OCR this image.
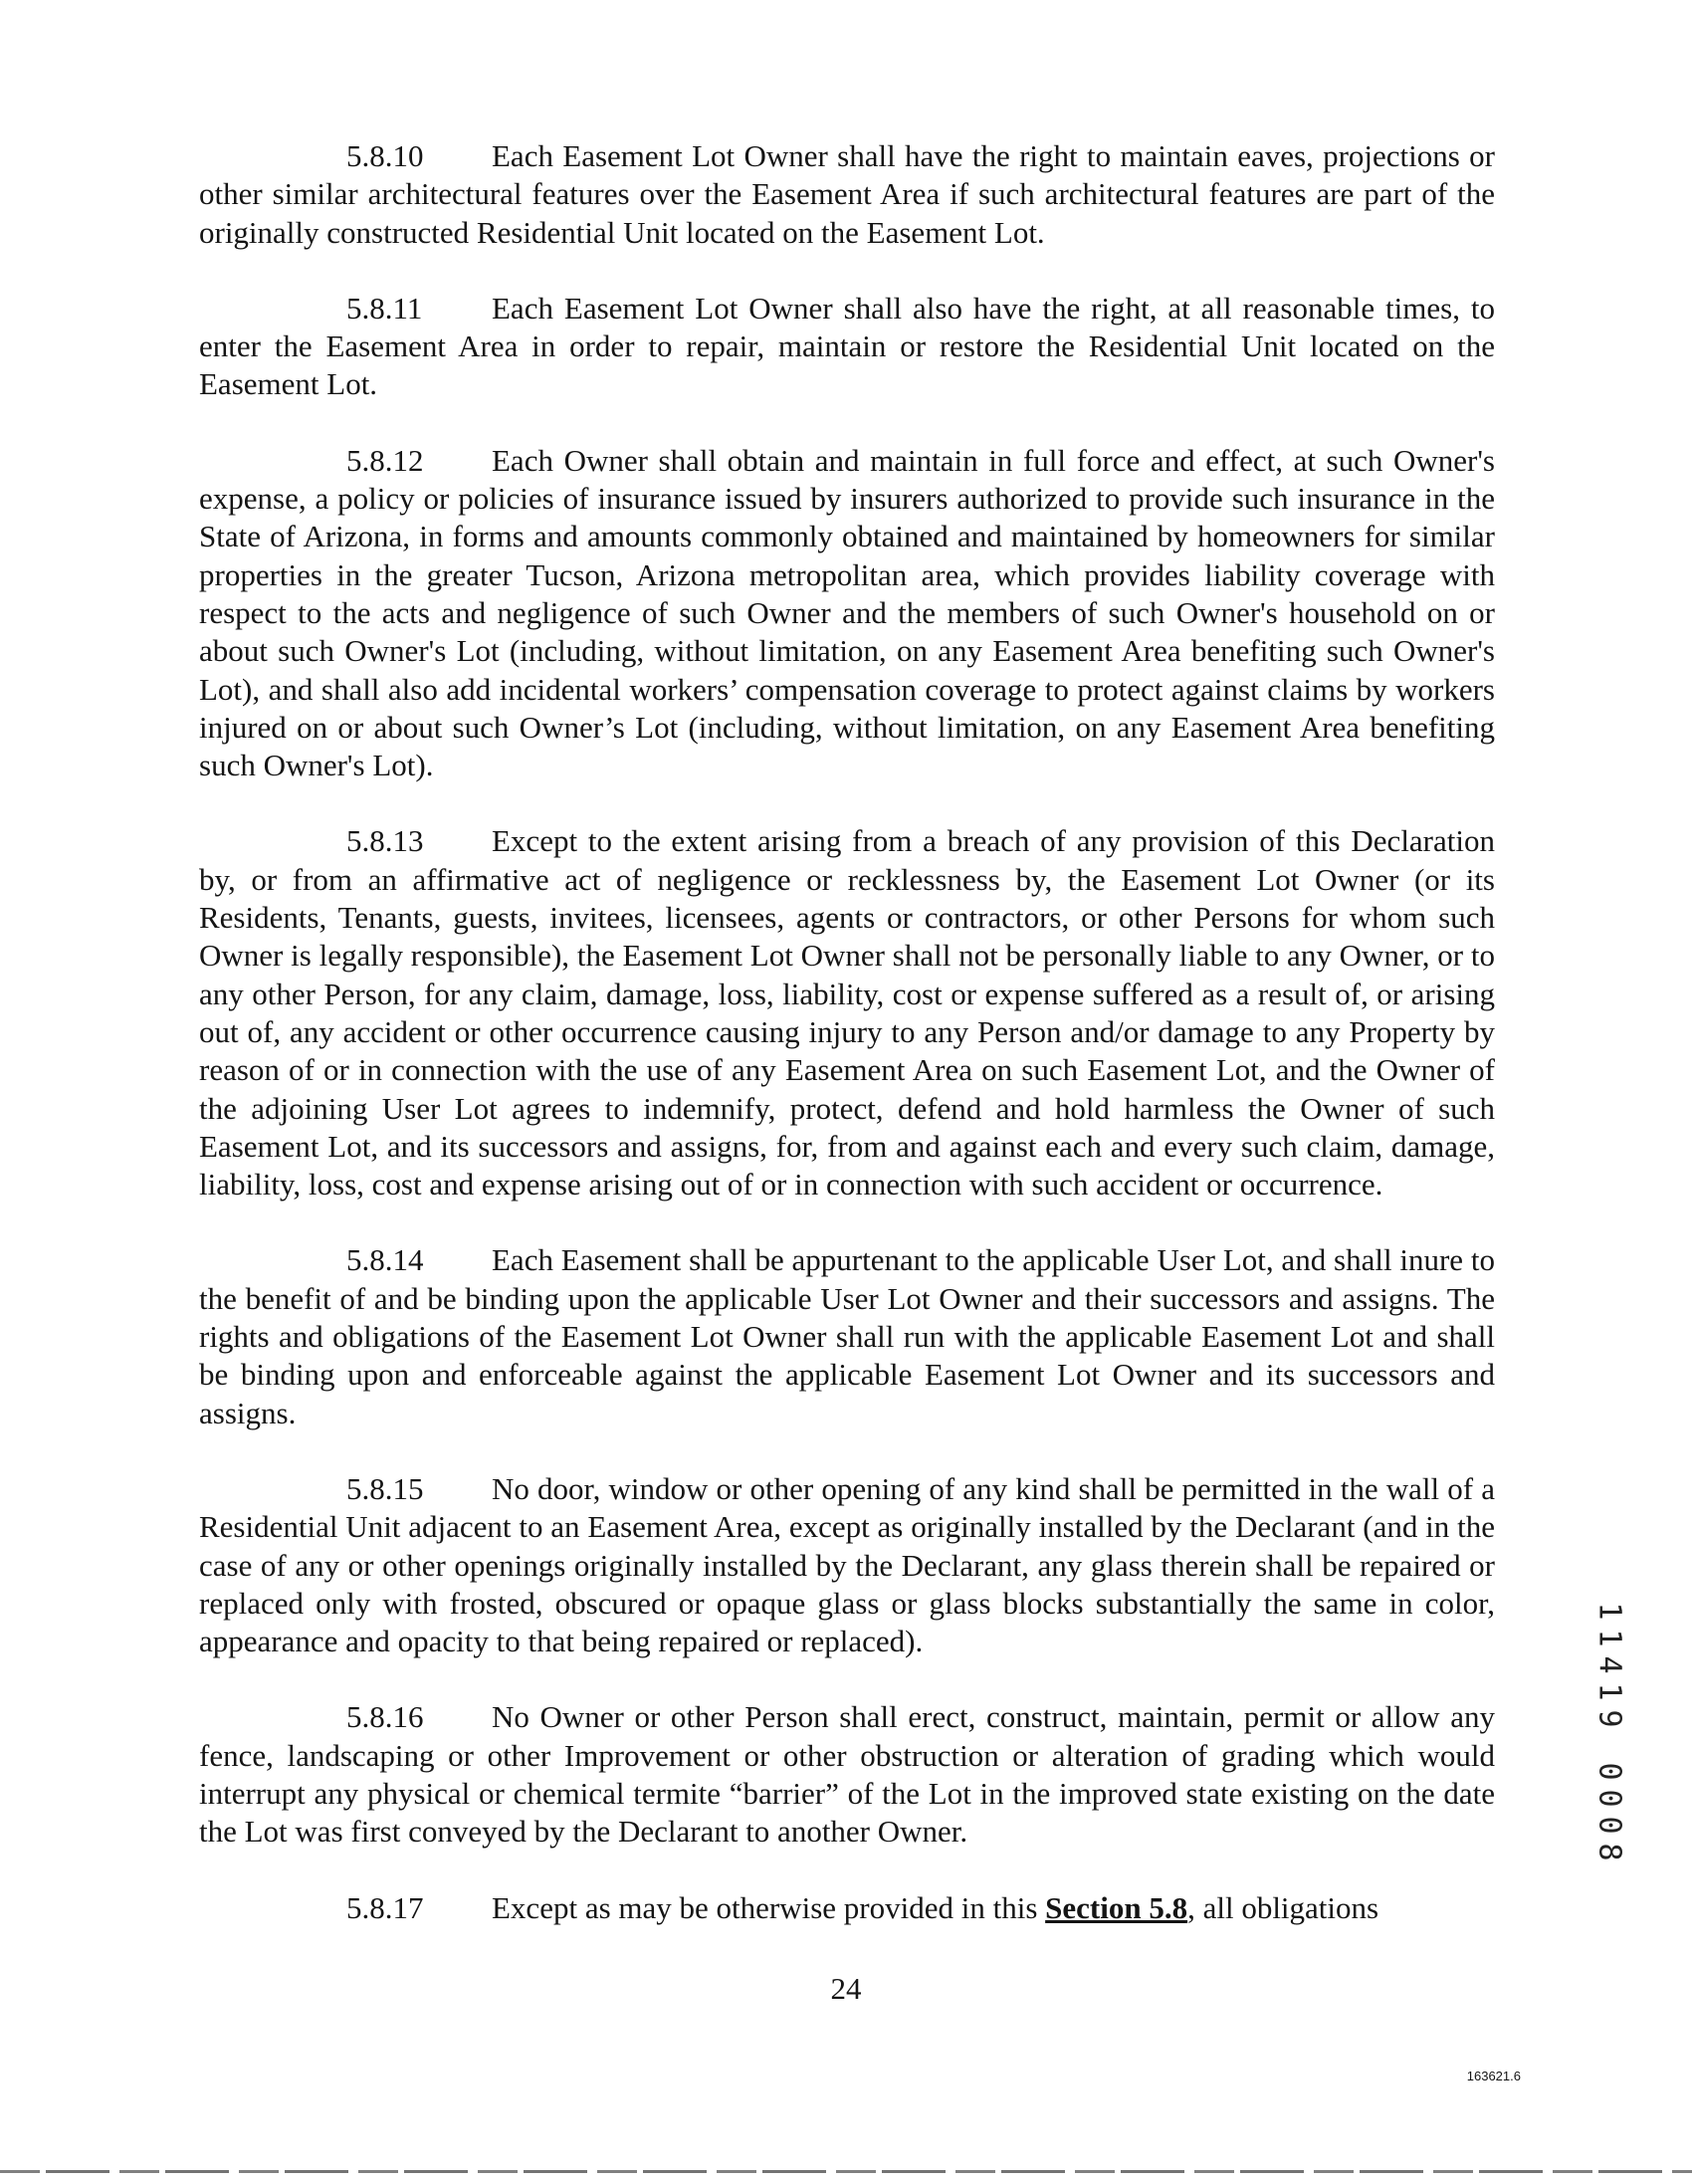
5.8.10 Each Easement Lot Owner shall have the right to maintain eaves, projections or other similar architectural features over the Easement Area if such architectural features are part of the originally constructed Residential Unit located on the Easement Lot.

5.8.11 Each Easement Lot Owner shall also have the right, at all reasonable times, to enter the Easement Area in order to repair, maintain or restore the Residential Unit located on the Easement Lot.

5.8.12 Each Owner shall obtain and maintain in full force and effect, at such Owner's expense, a policy or policies of insurance issued by insurers authorized to provide such insurance in the State of Arizona, in forms and amounts commonly obtained and maintained by homeowners for similar properties in the greater Tucson, Arizona metropolitan area, which provides liability coverage with respect to the acts and negligence of such Owner and the members of such Owner's household on or about such Owner's Lot (including, without limitation, on any Easement Area benefiting such Owner's Lot), and shall also add incidental workers’ compensation coverage to protect against claims by workers injured on or about such Owner’s Lot (including, without limitation, on any Easement Area benefiting such Owner's Lot).

5.8.13 Except to the extent arising from a breach of any provision of this Declaration by, or from an affirmative act of negligence or recklessness by, the Easement Lot Owner (or its Residents, Tenants, guests, invitees, licensees, agents or contractors, or other Persons for whom such Owner is legally responsible), the Easement Lot Owner shall not be personally liable to any Owner, or to any other Person, for any claim, damage, loss, liability, cost or expense suffered as a result of, or arising out of, any accident or other occurrence causing injury to any Person and/or damage to any Property by reason of or in connection with the use of any Easement Area on such Easement Lot, and the Owner of the adjoining User Lot agrees to indemnify, protect, defend and hold harmless the Owner of such Easement Lot, and its successors and assigns, for, from and against each and every such claim, damage, liability, loss, cost and expense arising out of or in connection with such accident or occurrence.

5.8.14 Each Easement shall be appurtenant to the applicable User Lot, and shall inure to the benefit of and be binding upon the applicable User Lot Owner and their successors and assigns. The rights and obligations of the Easement Lot Owner shall run with the applicable Easement Lot and shall be binding upon and enforceable against the applicable Easement Lot Owner and its successors and assigns.

5.8.15 No door, window or other opening of any kind shall be permitted in the wall of a Residential Unit adjacent to an Easement Area, except as originally installed by the Declarant (and in the case of any or other openings originally installed by the Declarant, any glass therein shall be repaired or replaced only with frosted, obscured or opaque glass or glass blocks substantially the same in color, appearance and opacity to that being repaired or replaced).

5.8.16 No Owner or other Person shall erect, construct, maintain, permit or allow any fence, landscaping or other Improvement or other obstruction or alteration of grading which would interrupt any physical or chemical termite “barrier” of the Lot in the improved state existing on the date the Lot was first conveyed by the Declarant to another Owner.

5.8.17 Except as may be otherwise provided in this Section 5.8, all obligations

24
163621.6
1
1
4
1
9
0
0
0
8
